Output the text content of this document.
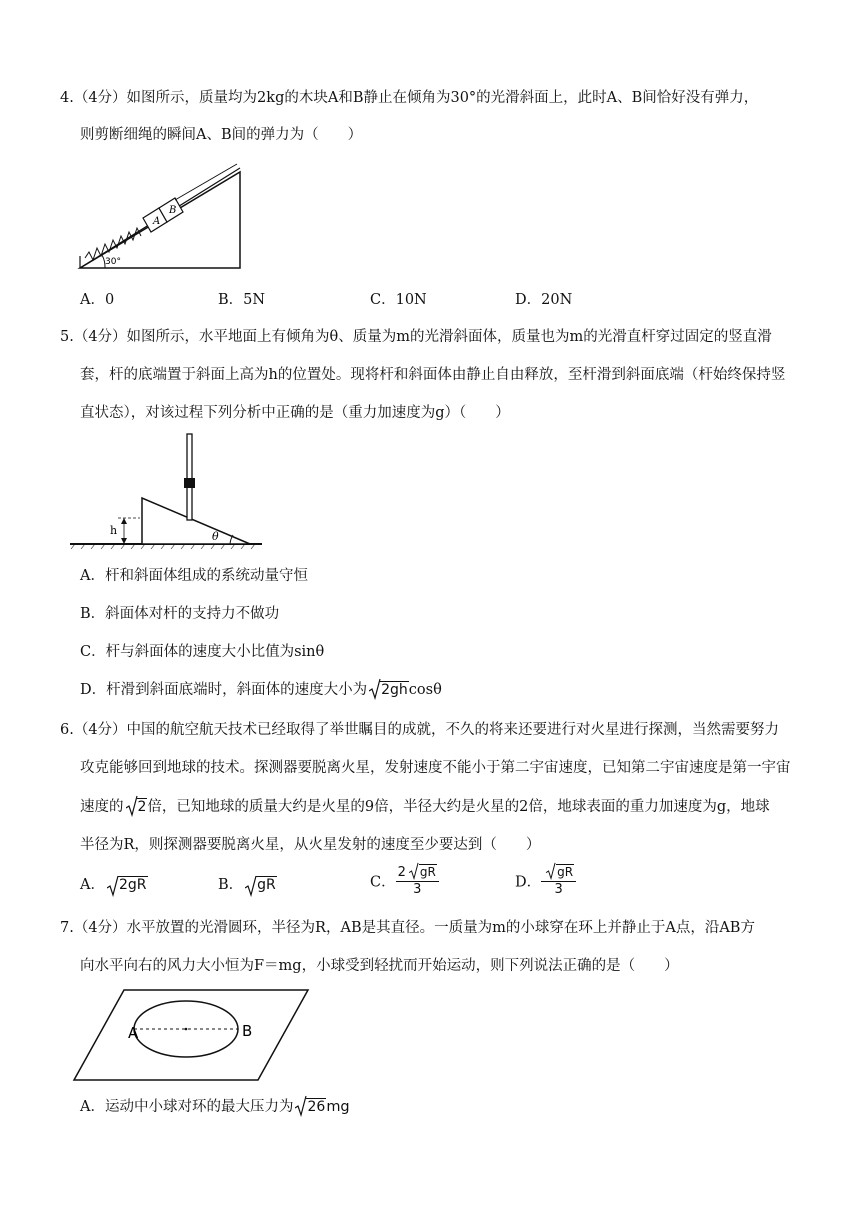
4.（4分）如图所示，质量均为2kg的木块A和B静止在倾角为30°的光滑斜面上，此时A、B间恰好没有弹力，
则剪断细绳的瞬间A、B间的弹力为（　　）
A
B
30°
A．0	B．5N	C．10N	D．20N
5.（4分）如图所示，水平地面上有倾角为θ、质量为m的光滑斜面体，质量也为m的光滑直杆穿过固定的竖直滑
套，杆的底端置于斜面上高为h的位置处。现将杆和斜面体由静止自由释放，至杆滑到斜面底端（杆始终保持竖
直状态），对该过程下列分析中正确的是（重力加速度为g）（　　）
h	θ
A．杆和斜面体组成的系统动量守恒
B．斜面体对杆的支持力不做功
C．杆与斜面体的速度大小比值为sinθ
D．杆滑到斜面底端时，斜面体的速度大小为 2ghcosθ
6.（4分）中国的航空航天技术已经取得了举世瞩目的成就，不久的将来还要进行对火星进行探测，当然需要努力
攻克能够回到地球的技术。探测器要脱离火星，发射速度不能小于第二宇宙速度，已知第二宇宙速度是第一宇宙
速度的 2倍，已知地球的质量大约是火星的9倍，半径大约是火星的2倍，地球表面的重力加速度为g，地球
半径为R，则探测器要脱离火星，从火星发射的速度至少要达到（　　）
A． 2gR	B． gR	C． $\frac{2 gR}{3}$	D． $\frac{gR}{3}$
7.（4分）水平放置的光滑圆环，半径为R，AB是其直径。一质量为m的小球穿在环上并静止于A点，沿AB方
向水平向右的风力大小恒为F＝mg，小球受到轻扰而开始运动，则下列说法正确的是（　　）
A	B
A．运动中小球对环的最大压力为 26mg
